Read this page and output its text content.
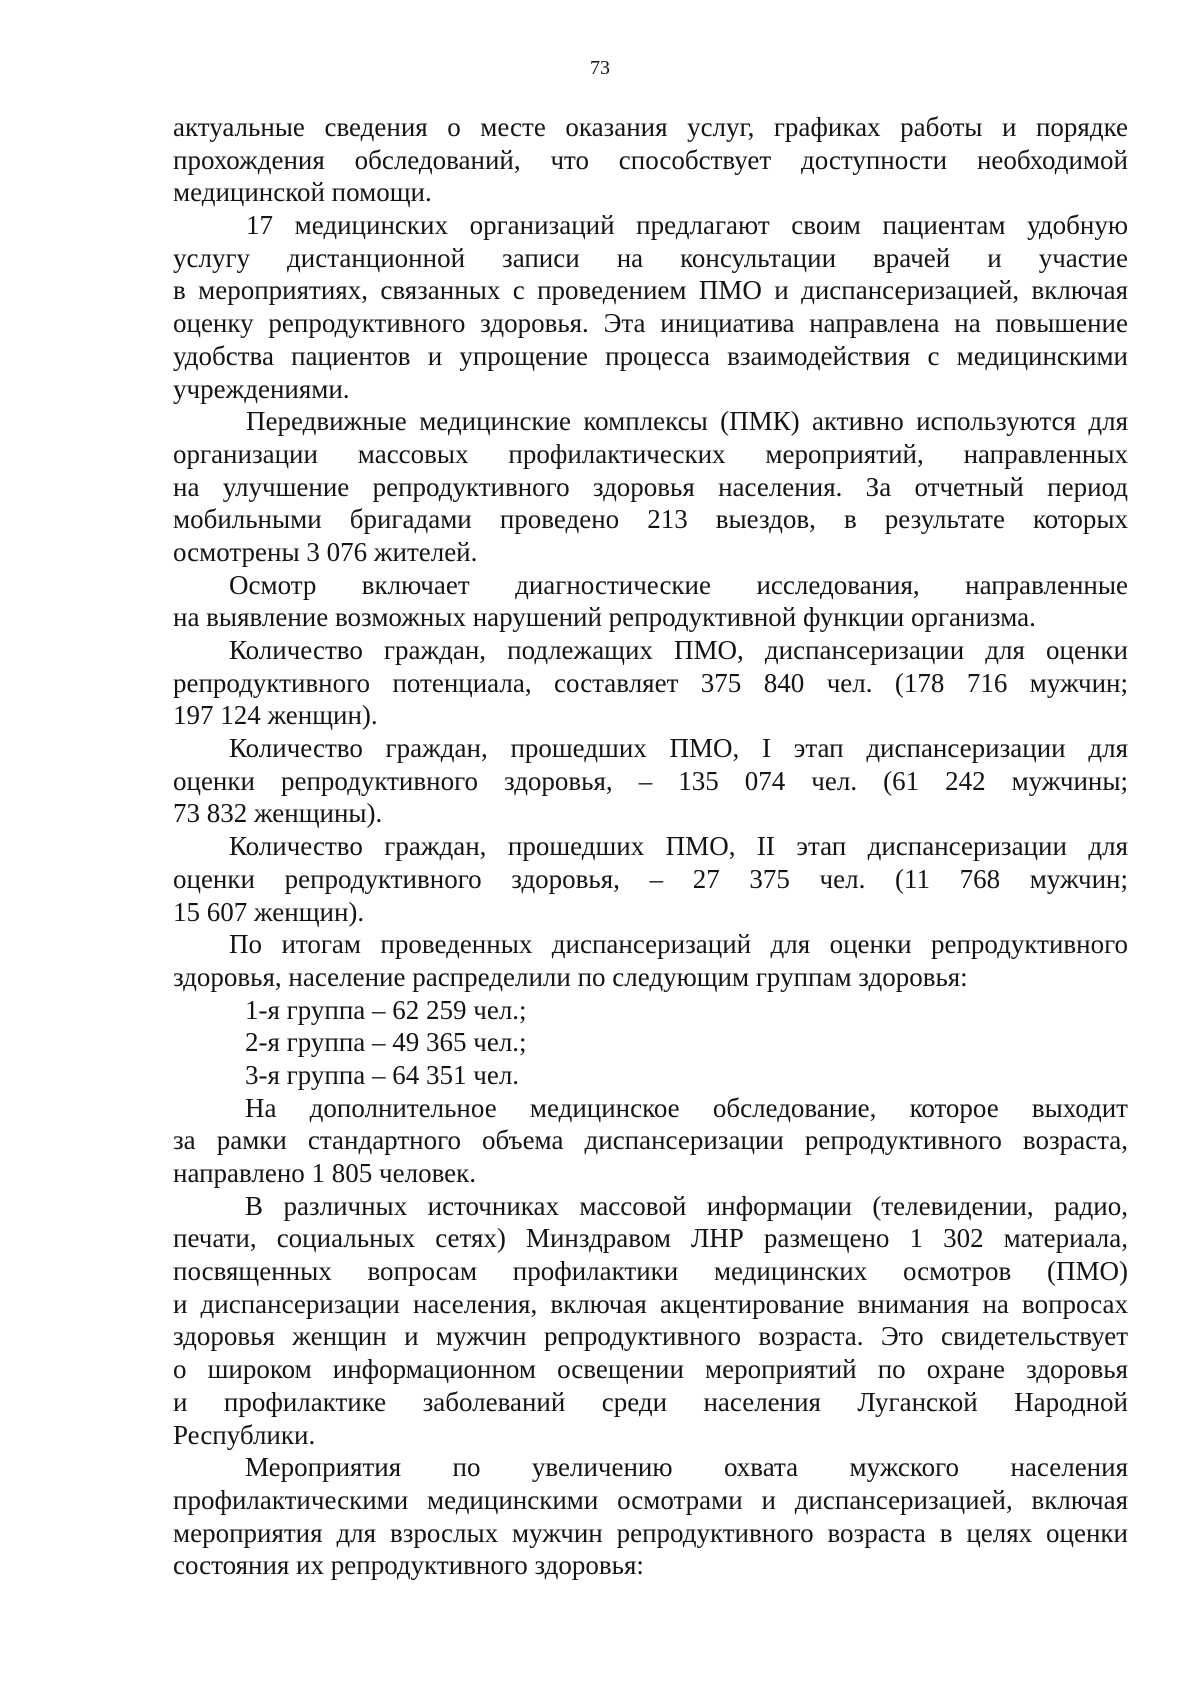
73
актуальные сведения о месте оказания услуг, графиках работы и порядке
прохождения обследований, что способствует доступности необходимой
медицинской помощи.
17 медицинских организаций предлагают своим пациентам удобную
услугу дистанционной записи на консультации врачей и участие
в мероприятиях, связанных с проведением ПМО и диспансеризацией, включая
оценку репродуктивного здоровья. Эта инициатива направлена на повышение
удобства пациентов и упрощение процесса взаимодействия с медицинскими
учреждениями.
Передвижные медицинские комплексы (ПМК) активно используются для
организации массовых профилактических мероприятий, направленных
на улучшение репродуктивного здоровья населения. За отчетный период
мобильными бригадами проведено 213 выездов, в результате которых
осмотрены 3 076 жителей.
Осмотр включает диагностические исследования, направленные
на выявление возможных нарушений репродуктивной функции организма.
Количество граждан, подлежащих ПМО, диспансеризации для оценки
репродуктивного потенциала, составляет 375 840 чел. (178 716 мужчин;
197 124 женщин).
Количество граждан, прошедших ПМО, I этап диспансеризации для
оценки репродуктивного здоровья, – 135 074 чел. (61 242 мужчины;
73 832 женщины).
Количество граждан, прошедших ПМО, II этап диспансеризации для
оценки репродуктивного здоровья, – 27 375 чел. (11 768 мужчин;
15 607 женщин).
По итогам проведенных диспансеризаций для оценки репродуктивного
здоровья, население распределили по следующим группам здоровья:
1-я группа – 62 259 чел.;
2-я группа – 49 365 чел.;
3-я группа – 64 351 чел.
На дополнительное медицинское обследование, которое выходит
за рамки стандартного объема диспансеризации репродуктивного возраста,
направлено 1 805 человек.
В различных источниках массовой информации (телевидении, радио,
печати, социальных сетях) Минздравом ЛНР размещено 1 302 материала,
посвященных вопросам профилактики медицинских осмотров (ПМО)
и диспансеризации населения, включая акцентирование внимания на вопросах
здоровья женщин и мужчин репродуктивного возраста. Это свидетельствует
о широком информационном освещении мероприятий по охране здоровья
и профилактике заболеваний среди населения Луганской Народной
Республики.
Мероприятия по увеличению охвата мужского населения
профилактическими медицинскими осмотрами и диспансеризацией, включая
мероприятия для взрослых мужчин репродуктивного возраста в целях оценки
состояния их репродуктивного здоровья:
